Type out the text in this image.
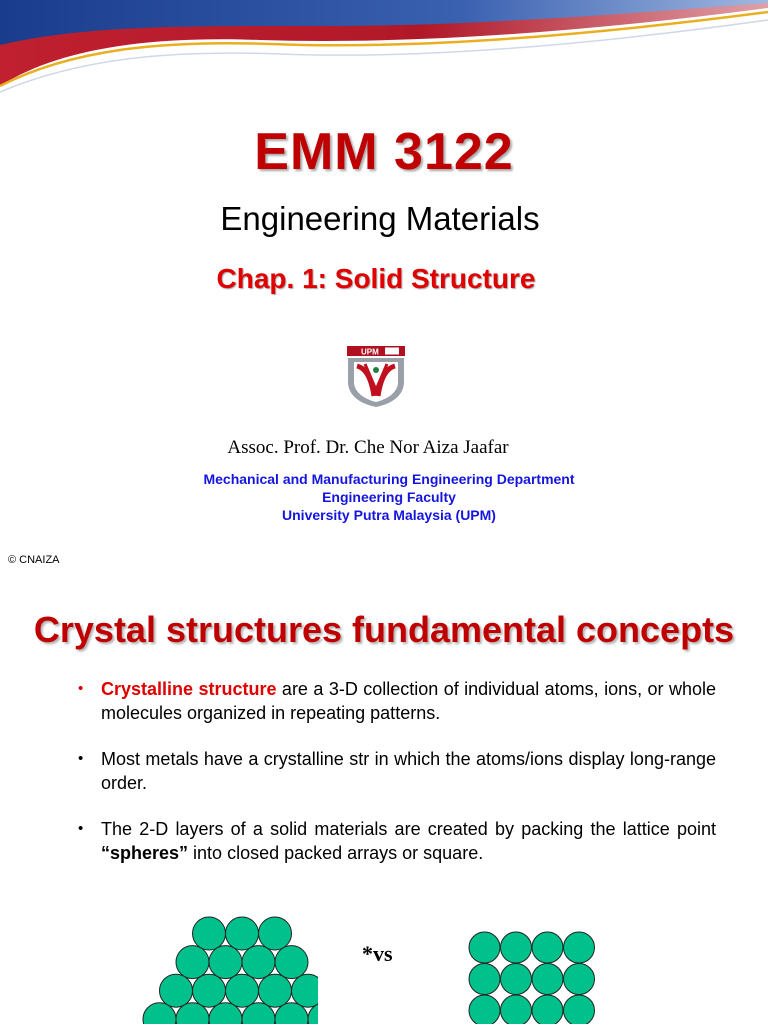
EMM 3122
Engineering Materials
Chap. 1: Solid Structure
UPM
Assoc. Prof. Dr. Che Nor Aiza Jaafar
Mechanical and Manufacturing Engineering Department
Engineering Faculty
University Putra Malaysia (UPM)
© CNAIZA
Crystal structures fundamental concepts
• Crystalline structure are a 3-D collection of individual atoms, ions, or whole molecules organized in repeating patterns.
• Most metals have a crystalline str in which the atoms/ions display long-range order.
• The 2-D layers of a solid materials are created by packing the lattice point “spheres” into closed packed arrays or square.
*vs
